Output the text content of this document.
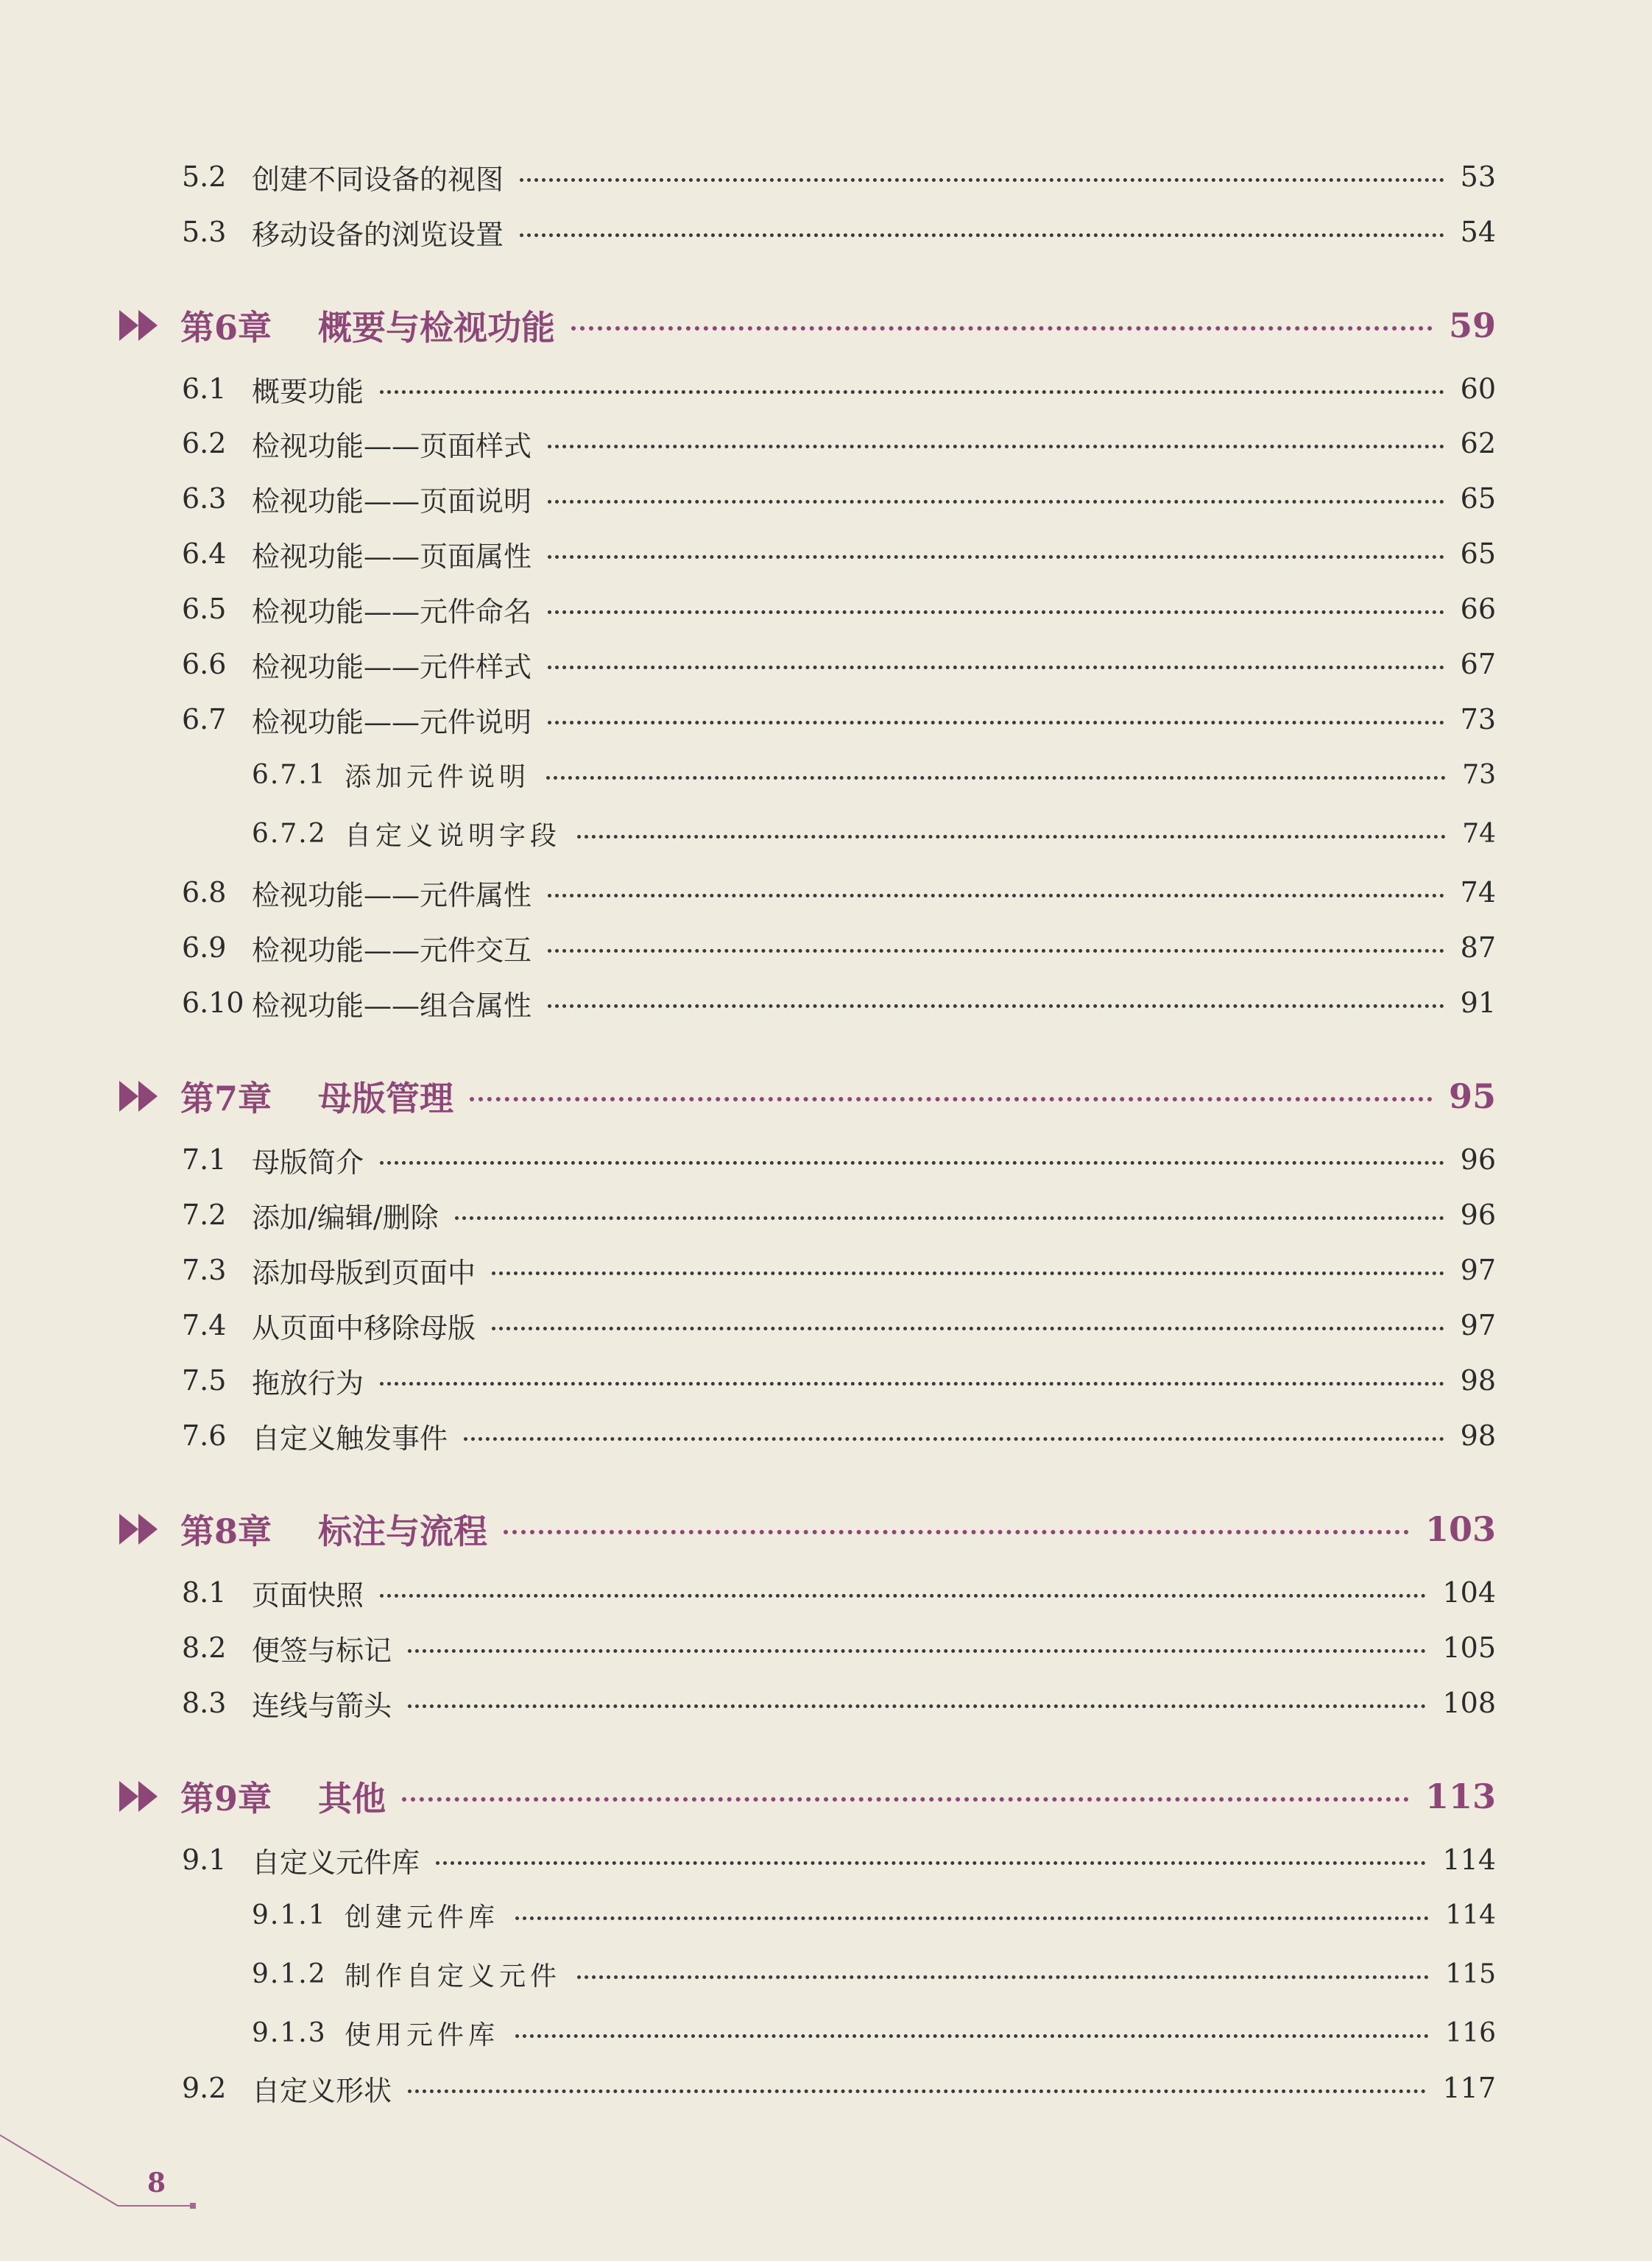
5.2 创建不同设备的视图	53
5.3 移动设备的浏览设置	54
第6章 概要与检视功能	59
6.1 概要功能	60
6.2 检视功能——页面样式	62
6.3 检视功能——页面说明	65
6.4 检视功能——页面属性	65
6.5 检视功能——元件命名	66
6.6 检视功能——元件样式	67
6.7 检视功能——元件说明	73
6.7.1 添加元件说明	73
6.7.2 自定义说明字段	74
6.8 检视功能——元件属性	74
6.9 检视功能——元件交互	87
6.10 检视功能——组合属性	91
第7章 母版管理	95
7.1 母版简介	96
7.2 添加/编辑/删除	96
7.3 添加母版到页面中	97
7.4 从页面中移除母版	97
7.5 拖放行为	98
7.6 自定义触发事件	98
第8章 标注与流程	103
8.1 页面快照	104
8.2 便签与标记	105
8.3 连线与箭头	108
第9章 其他	113
9.1 自定义元件库	114
9.1.1 创建元件库	114
9.1.2 制作自定义元件	115
9.1.3 使用元件库	116
9.2 自定义形状	117
8
